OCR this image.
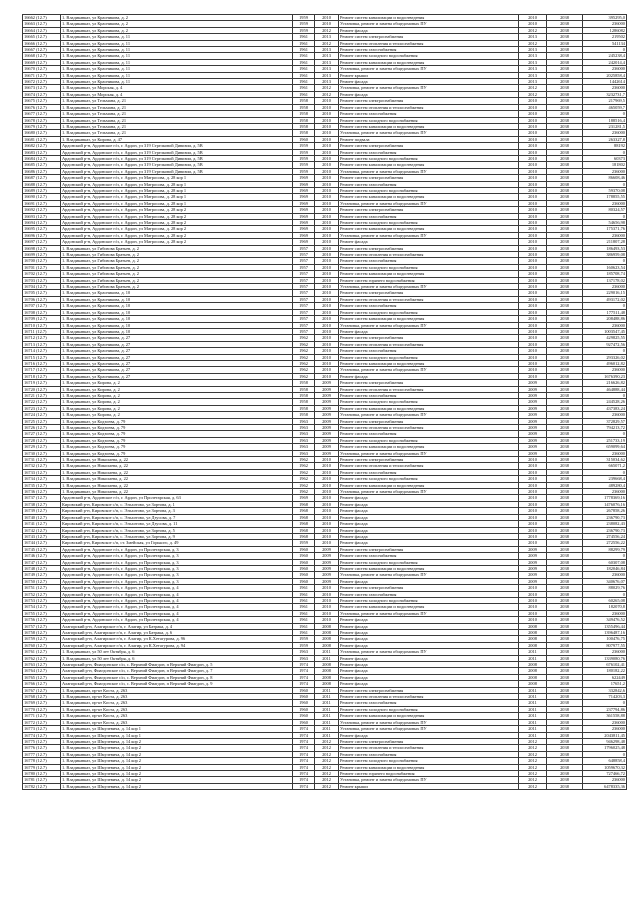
16662 (12.7)	1. Владикавказ, ул Красникова, д. 2	1959	2010	Ремонт систем канализации и водоотведения	2010	2038	395295,0
16663 (12.7)	1. Владикавказ, ул Красникова, д. 2	1959	2010	Установка, ремонт и замена общедомовых ПУ	2010	2038	236000
16664 (12.7)	1. Владикавказ, ул Красникова, д. 2	1959	2012	Ремонт фасада	2012	2038	1286082
16665 (12.7)	1. Владикавказ, ул Красникова, д. 11	1961	2013	Ремонт систем электроснабжения	2013	2038	219502
16666 (12.7)	1. Владикавказ, ул Красникова, д. 11	1961	2012	Ремонт систем отопления и теплоснабжения	2012	2038	541134
16667 (12.7)	1. Владикавказ, ул Красникова, д. 11	1961	2013	Ремонт систем газоснабжения	2013	2038	0
16668 (12.7)	1. Владикавказ, ул Красникова, д. 11	1961	2013	Ремонт систем холодного водоснабжения	2013	2038	245238,4
16669 (12.7)	1. Владикавказ, ул Красникова, д. 11	1961	2013	Ремонт систем канализации и водоотведения	2013	2038	242014,4
16670 (12.7)	1. Владикавказ, ул Красникова, д. 11	1961	2013	Установка, ремонт и замена общедомовых ПУ	2013	2038	236000
16671 (12.7)	1. Владикавказ, ул Красникова, д. 11	1961	2013	Ремонт крыши	2013	2038	2025858,4
16672 (12.7)	1. Владикавказ, ул Красникова, д. 11	1961	2013	Ремонт фасада	2013	2038	1442614
16673 (12.7)	1. Владикавказ, ул Морская, д. 4	1961	2012	Установка, ремонт и замена общедомовых ПУ	2012	2038	236000
16674 (12.7)	1. Владикавказ, ул Морская, д. 4	1961	2012	Ремонт фасада	2012	2038	3232731,7
16675 (12.7)	1. Владикавказ, ул Тельмана, д. 21	1958	2010	Ремонт систем электроснабжения	2010	2038	217969,5
16676 (12.7)	1. Владикавказ, ул Тельмана, д. 21	1958	2010	Ремонт систем отопления и теплоснабжения	2010	2038	465059,7
16677 (12.7)	1. Владикавказ, ул Тельмана, д. 21	1958	2010	Ремонт систем газоснабжения	2010	2038	0
16678 (12.7)	1. Владикавказ, ул Тельмана, д. 21	1958	2010	Ремонт систем холодного водоснабжения	2010	2038	188516,4
16679 (12.7)	1. Владикавказ, ул Тельмана, д. 21	1958	2010	Ремонт систем канализации и водоотведения	2010	2038	231281,5
16680 (12.7)	1. Владикавказ, ул Тельмана, д. 21	1958	2010	Установка, ремонт и замена общедомовых ПУ	2010	2038	236000
16681 (12.7)	1. Владикавказ, ул Кирова, д. 47	1960	2010	Ремонт подвала	2010	2038	263327,8
16682 (12.7)	Ардонский р-н, Ардонское г/п, г. Ардон, ул 319 Стрелковой Дивизии, д. 5В	1959	2010	Ремонт систем электроснабжения	2010	2038	88192
16683 (12.7)	Ардонский р-н, Ардонское г/п, г. Ардон, ул 319 Стрелковой Дивизии, д. 5В	1959	2010	Ремонт систем газоснабжения	2010	2038	0
16684 (12.7)	Ардонский р-н, Ардонское г/п, г. Ардон, ул 319 Стрелковой Дивизии, д. 5В	1959	2010	Ремонт систем холодного водоснабжения	2010	2038	60373
16685 (12.7)	Ардонский р-н, Ардонское г/п, г. Ардон, ул 319 Стрелковой Дивизии, д. 5В	1959	2010	Ремонт систем канализации и водоотведения	2010	2038	181802
16686 (12.7)	Ардонский р-н, Ардонское г/п, г. Ардон, ул 319 Стрелковой Дивизии, д. 5В	1959	2010	Установка, ремонт и замена общедомовых ПУ	2010	2038	236000
16687 (12.7)	Ардонский р-н, Ардонское г/п, г. Ардон, ул Матросова, д. 28 кор 1	1969	2010	Ремонт систем электроснабжения	2010	2038	86608,46
16688 (12.7)	Ардонский р-н, Ардонское г/п, г. Ардон, ул Матросова, д. 28 кор 1	1969	2010	Ремонт систем газоснабжения	2010	2038	0
16689 (12.7)	Ардонский р-н, Ардонское г/п, г. Ардон, ул Матросова, д. 28 кор 1	1969	2010	Ремонт систем холодного водоснабжения	2010	2038	59370,08
16690 (12.7)	Ардонский р-н, Ардонское г/п, г. Ардон, ул Матросова, д. 28 кор 1	1969	2010	Ремонт систем канализации и водоотведения	2010	2038	178855,55
16691 (12.7)	Ардонский р-н, Ардонское г/п, г. Ардон, ул Матросова, д. 28 кор 1	1969	2010	Установка, ремонт и замена общедомовых ПУ	2010	2038	236000
16692 (12.7)	Ардонский р-н, Ардонское г/п, г. Ардон, ул Матросова, д. 28 кор 2	1969	2010	Ремонт систем электроснабжения	2010	2038	80324,57
16693 (12.7)	Ардонский р-н, Ардонское г/п, г. Ардон, ул Матросова, д. 28 кор 2	1969	2010	Ремонт систем газоснабжения	2010	2038	0
16694 (12.7)	Ардонский р-н, Ардонское г/п, г. Ардон, ул Матросова, д. 28 кор 2	1969	2010	Ремонт систем холодного водоснабжения	2010	2038	54656,98
16695 (12.7)	Ардонский р-н, Ардонское г/п, г. Ардон, ул Матросова, д. 28 кор 2	1969	2010	Ремонт систем канализации и водоотведения	2010	2038	175371,76
16696 (12.7)	Ардонский р-н, Ардонское г/п, г. Ардон, ул Матросова, д. 28 кор 2	1969	2010	Установка, ремонт и замена общедомовых ПУ	2010	2038	236000
16697 (12.7)	Ардонский р-н, Ардонское г/п, г. Ардон, ул Матросова, д. 28 кор 2	1969	2010	Ремонт фасада	2010	2038	211807,28
16698 (12.7)	1. Владикавказ, ул Гибизова Братьев, д. 2	1957	2010	Ремонт систем электроснабжения	2010	2038	186493,53
16699 (12.7)	1. Владикавказ, ул Гибизова Братьев, д. 2	1957	2010	Ремонт систем отопления и теплоснабжения	2010	2038	386959,08
16700 (12.7)	1. Владикавказ, ул Гибизова Братьев, д. 2	1957	2010	Ремонт систем газоснабжения	2010	2038	0
16701 (12.7)	1. Владикавказ, ул Гибизова Братьев, д. 2	1957	2010	Ремонт систем холодного водоснабжения	2010	2038	160623,54
16702 (12.7)	1. Владикавказ, ул Гибизова Братьев, д. 2	1957	2010	Ремонт систем канализации и водоотведения	2010	2038	185708,74
16703 (12.7)	1. Владикавказ, ул Гибизова Братьев, д. 2	1957	2010	Ремонт систем горячего водоснабжения	2010	2038	137178,02
16704 (12.7)	1. Владикавказ, ул Гибизова Братьев, д. 2	1957	2010	Установка, ремонт и замена общедомовых ПУ	2010	2038	236000
16705 (12.7)	1. Владикавказ, ул Красникова, д. 10	1957	2010	Ремонт систем электроснабжения	2010	2038	229016,15
16706 (12.7)	1. Владикавказ, ул Красникова, д. 10	1957	2010	Ремонт систем отопления и теплоснабжения	2010	2038	493172,02
16707 (12.7)	1. Владикавказ, ул Красникова, д. 10	1957	2010	Ремонт систем газоснабжения	2010	2038	0
16708 (12.7)	1. Владикавказ, ул Красникова, д. 10	1957	2010	Ремонт систем холодного водоснабжения	2010	2038	177511,48
16709 (12.7)	1. Владикавказ, ул Красникова, д. 10	1957	2010	Ремонт систем канализации и водоотведения	2010	2038	208488,86
16710 (12.7)	1. Владикавказ, ул Красникова, д. 10	1957	2010	Установка, ремонт и замена общедомовых ПУ	2010	2038	236000
16711 (12.7)	1. Владикавказ, ул Красникова, д. 10	1957	2010	Ремонт фасада	2010	2038	1003547,45
16712 (12.7)	1. Владикавказ, ул Красникова, д. 27	1962	2010	Ремонт систем электроснабжения	2010	2038	429825,55
16713 (12.7)	1. Владикавказ, ул Красникова, д. 27	1962	2010	Ремонт систем отопления и теплоснабжения	2010	2038	927472,56
16714 (12.7)	1. Владикавказ, ул Красникова, д. 27	1962	2010	Ремонт систем газоснабжения	2010	2038	0
16715 (12.7)	1. Владикавказ, ул Красникова, д. 27	1962	2010	Ремонт систем холодного водоснабжения	2010	2038	293326,02
16716 (12.7)	1. Владикавказ, ул Красникова, д. 27	1962	2010	Ремонт систем канализации и водоотведения	2010	2038	496012,82
16717 (12.7)	1. Владикавказ, ул Красникова, д. 27	1962	2010	Установка, ремонт и замена общедомовых ПУ	2010	2038	236000
16718 (12.7)	1. Владикавказ, ул Красникова, д. 27	1962	2010	Ремонт фасада	2010	2038	1676390,23
16719 (12.7)	1. Владикавказ, ул Кирова, д. 2	1958	2009	Ремонт систем электроснабжения	2009	2038	216626,82
16720 (12.7)	1. Владикавказ, ул Кирова, д. 2	1958	2009	Ремонт систем отопления и теплоснабжения	2009	2038	464888,44
16721 (12.7)	1. Владикавказ, ул Кирова, д. 2	1958	2009	Ремонт систем газоснабжения	2009	2038	0
16722 (12.7)	1. Владикавказ, ул Кирова, д. 2	1958	2009	Ремонт систем холодного водоснабжения	2009	2038	244528,26
16723 (12.7)	1. Владикавказ, ул Кирова, д. 2	1958	2009	Ремонт систем канализации и водоотведения	2009	2038	437383,24
16724 (12.7)	1. Владикавказ, ул Кирова, д. 2	1958	2009	Установка, ремонт и замена общедомовых ПУ	2009	2038	236000
16725 (12.7)	1. Владикавказ, ул Кодзоева, д. 79	1963	2009	Ремонт систем электроснабжения	2009	2038	372829,57
16726 (12.7)	1. Владикавказ, ул Кодзоева, д. 79	1963	2009	Ремонт систем отопления и теплоснабжения	2009	2038	794213,72
16727 (12.7)	1. Владикавказ, ул Кодзоева, д. 79	1963	2009	Ремонт систем газоснабжения	2009	2038	0
16728 (12.7)	1. Владикавказ, ул Кодзоева, д. 79	1963	2009	Ремонт систем холодного водоснабжения	2009	2038	251733,19
16729 (12.7)	1. Владикавказ, ул Кодзоева, д. 79	1963	2009	Ремонт систем канализации и водоотведения	2009	2038	659099,64
16730 (12.7)	1. Владикавказ, ул Кодзоева, д. 79	1963	2009	Установка, ремонт и замена общедомовых ПУ	2009	2038	236000
16731 (12.7)	1. Владикавказ, ул Николаева, д. 22	1962	2010	Ремонт систем электроснабжения	2010	2038	315034,62
16732 (12.7)	1. Владикавказ, ул Николаева, д. 22	1962	2010	Ремонт систем отопления и теплоснабжения	2010	2038	665071,2
16733 (12.7)	1. Владикавказ, ул Николаева, д. 22	1962	2010	Ремонт систем газоснабжения	2010	2038	0
16734 (12.7)	1. Владикавказ, ул Николаева, д. 22	1962	2010	Ремонт систем холодного водоснабжения	2010	2038	239668,4
16735 (12.7)	1. Владикавказ, ул Николаева, д. 22	1962	2010	Ремонт систем канализации и водоотведения	2010	2038	489280,4
16736 (12.7)	1. Владикавказ, ул Николаева, д. 22	1962	2010	Установка, ремонт и замена общедомовых ПУ	2010	2038	236000
16737 (12.7)	Ардонский р-н, Ардонское г/п, г. Ардон, ул Пролетарская, д. 63	1969	2010	Ремонт фасада	2010	2038	1778369,16
16738 (12.7)	Кировский р-н, Кировское с/п, с. Эльхотово, ул Зортова, д. 1	1968	2010	Ремонт фасада	2010	2038	1476076,16
16739 (12.7)	Кировский р-н, Кировское с/п, с. Эльхотово, ул Зортова, д. 3	1968	2010	Ремонт фасада	2010	2038	267858,26
16740 (12.7)	Кировский р-н, Кировское с/п, с. Эльхотово, ул Дзусова, д. 7	1968	2010	Ремонт фасада	2010	2038	236790,73
16741 (12.7)	Кировский р-н, Кировское с/п, с. Эльхотово, ул Дзусова, д. 11	1968	2010	Ремонт фасада	2010	2038	238082,43
16742 (12.7)	Кировский р-н, Кировское с/п, с. Эльхотово, ул Зортова, д. 5	1968	2010	Ремонт фасада	2010	2038	236790,73
16743 (12.7)	Кировский р-н, Кировское с/п, с. Эльхотово, ул Зортова, д. 9	1968	2010	Ремонт фасада	2010	2038	274556,24
16744 (12.7)	Кировский р-н, Кировское с/п, ст. Змейская, ул Горького, д. 49	1959	2010	Ремонт фасада	2010	2038	272556,22
16745 (12.7)	Ардонский р-н, Ардонское г/п, г. Ардон, ул Пролетарская, д. 3	1960	2009	Ремонт систем электроснабжения	2009	2038	88299,79
16746 (12.7)	Ардонский р-н, Ардонское г/п, г. Ардон, ул Пролетарская, д. 3	1960	2009	Ремонт систем газоснабжения	2009	2038	0
16747 (12.7)	Ардонский р-н, Ардонское г/п, г. Ардон, ул Пролетарская, д. 3	1960	2009	Ремонт систем холодного водоснабжения	2009	2038	60307,08
16748 (12.7)	Ардонский р-н, Ардонское г/п, г. Ардон, ул Пролетарская, д. 3	1960	2009	Ремонт систем канализации и водоотведения	2009	2038	182046,84
16749 (12.7)	Ардонский р-н, Ардонское г/п, г. Ардон, ул Пролетарская, д. 3	1960	2009	Установка, ремонт и замена общедомовых ПУ	2009	2038	236000
16750 (12.7)	Ардонский р-н, Ардонское г/п, г. Ардон, ул Пролетарская, д. 3	1960	2009	Ремонт фасада	2009	2038	340676,07
16751 (12.7)	Ардонский р-н, Ардонское г/п, г. Ардон, ул Пролетарская, д. 4	1961	2010	Ремонт систем электроснабжения	2010	2038	88029,76
16752 (12.7)	Ардонский р-н, Ардонское г/п, г. Ардон, ул Пролетарская, д. 4	1961	2010	Ремонт систем газоснабжения	2010	2038	0
16753 (12.7)	Ардонский р-н, Ардонское г/п, г. Ардон, ул Пролетарская, д. 4	1961	2010	Ремонт систем холодного водоснабжения	2010	2038	60265,08
16754 (12.7)	Ардонский р-н, Ардонское г/п, г. Ардон, ул Пролетарская, д. 4	1961	2010	Ремонт систем канализации и водоотведения	2010	2038	182070,8
16755 (12.7)	Ардонский р-н, Ардонское г/п, г. Ардон, ул Пролетарская, д. 4	1961	2010	Установка, ремонт и замена общедомовых ПУ	2010	2038	236000
16756 (12.7)	Ардонский р-н, Ардонское г/п, г. Ардон, ул Пролетарская, д. 4	1961	2010	Ремонт фасада	2010	2038	349476,52
16757 (12.7)	Алагирский р-н, Алагирское г/п, г. Алагир, ул Батрака, д. 4	1961	2008	Ремонт фасада	2008	2038	1355496,44
16758 (12.7)	Алагирский р-н, Алагирское г/п, г. Алагир, ул Батрака, д. 6	1961	2008	Ремонт фасада	2008	2038	1396487,16
16759 (12.7)	Алагирский р-н, Алагирское г/п, г. Алагир, ул К.Хетагурова, д. 96	1959	2008	Ремонт фасада	2008	2038	100476,75
16760 (12.7)	Алагирский р-н, Алагирское г/п, г. Алагир, ул К.Хетагурова, д. 94	1959	2008	Ремонт фасада	2008	2038	807977,55
16761 (12.7)	1. Владикавказ, ул 50 лет Октября, д. 6	1963	2011	Установка, ремонт и замена общедомовых ПУ	2011	2038	236000
16762 (12.7)	1. Владикавказ, ул 50 лет Октября, д. 6	1963	2011	Ремонт фасада	2011	2038	1339080,76
16763 (12.7)	Алагирский р-н, Фиагдонское с/п, с. Верхний Фиагдон, п Верхний Фиагдон, д. 5	1974	2008	Ремонт фасада	2008	2038	676102,41
16764 (12.7)	Алагирский р-н, Фиагдонское с/п, с. Верхний Фиагдон, п Верхний Фиагдон, д. 7	1974	2008	Ремонт фасада	2008	2038	180182,22
16765 (12.7)	Алагирский р-н, Фиагдонское с/п, с. Верхний Фиагдон, п Верхний Фиагдон, д. 8	1974	2008	Ремонт фасада	2008	2038	622449
16766 (12.7)	Алагирский р-н, Фиагдонское с/п, с. Верхний Фиагдон, п Верхний Фиагдон, д. 9	1974	2008	Ремонт фасада	2008	2038	17651,2
16767 (12.7)	1. Владикавказ, пр-кт Коста, д. 263	1960	2011	Ремонт систем электроснабжения	2011	2038	332842,6
16768 (12.7)	1. Владикавказ, пр-кт Коста, д. 263	1960	2011	Ремонт систем отопления и теплоснабжения	2011	2038	714203,3
16769 (12.7)	1. Владикавказ, пр-кт Коста, д. 263	1960	2011	Ремонт систем газоснабжения	2011	2038	0
16770 (12.7)	1. Владикавказ, пр-кт Коста, д. 263	1960	2011	Ремонт систем холодного водоснабжения	2011	2038	237794,86
16771 (12.7)	1. Владикавказ, пр-кт Коста, д. 263	1960	2011	Ремонт систем канализации и водоотведения	2011	2038	361558,88
16772 (12.7)	1. Владикавказ, пр-кт Коста, д. 263	1960	2011	Установка, ремонт и замена общедомовых ПУ	2011	2038	236000
16773 (12.7)	1. Владикавказ, ул Шмулевича, д. 14 кор 1	1974	2011	Установка, ремонт и замена общедомовых ПУ	2011	2038	236000
16774 (12.7)	1. Владикавказ, ул Шмулевича, д. 14 кор 1	1974	2011	Ремонт фасада	2011	2038	2043811,45
16775 (12.7)	1. Владикавказ, ул Шмулевича, д. 14 кор 2	1974	2012	Ремонт систем электроснабжения	2012	2038	946298,48
16776 (12.7)	1. Владикавказ, ул Шмулевича, д. 14 кор 2	1974	2012	Ремонт систем отопления и теплоснабжения	2012	2038	1796025,48
16777 (12.7)	1. Владикавказ, ул Шмулевича, д. 14 кор 2	1974	2012	Ремонт систем газоснабжения	2012	2038	0
16778 (12.7)	1. Владикавказ, ул Шмулевича, д. 14 кор 2	1974	2012	Ремонт систем холодного водоснабжения	2012	2038	648858,4
16779 (12.7)	1. Владикавказ, ул Шмулевича, д. 14 кор 2	1974	2012	Ремонт систем канализации и водоотведения	2012	2038	1059670,32
16780 (12.7)	1. Владикавказ, ул Шмулевича, д. 14 кор 2	1974	2012	Ремонт систем горячего водоснабжения	2012	2038	727466,72
16781 (12.7)	1. Владикавказ, ул Шмулевича, д. 14 кор 2	1974	2012	Установка, ремонт и замена общедомовых ПУ	2012	2038	236000
16782 (12.7)	1. Владикавказ, ул Шмулевича, д. 14 кор 2	1974	2012	Ремонт крыши	2012	2038	6478335,36
